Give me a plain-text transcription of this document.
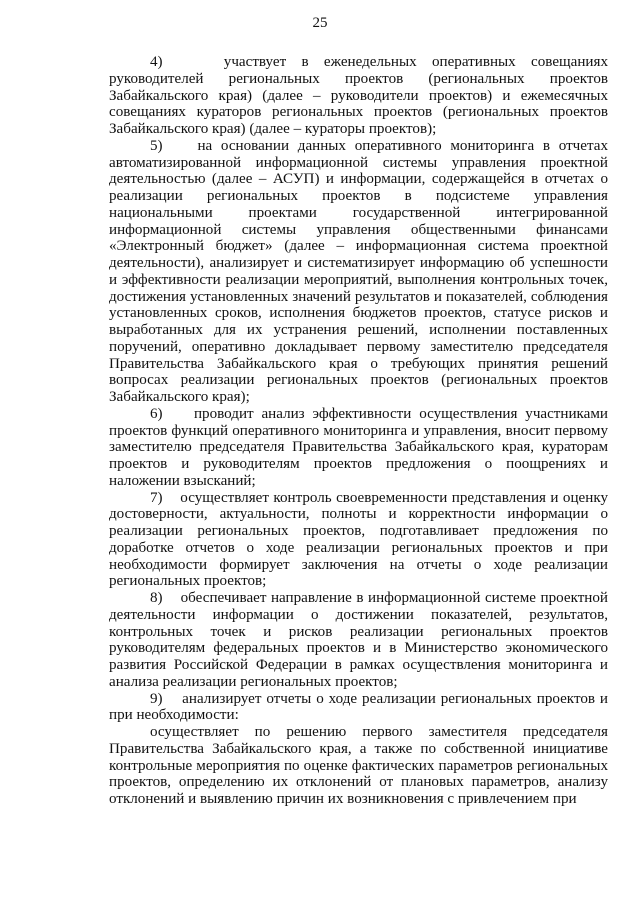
25

4)    участвует в еженедельных оперативных совещаниях руководителей региональных проектов (региональных проектов Забайкальского края) (далее – руководители проектов) и ежемесячных совещаниях кураторов региональных проектов (региональных проектов Забайкальского края) (далее – кураторы проектов);

5)    на основании данных оперативного мониторинга в отчетах автоматизированной информационной системы управления проектной деятельностью (далее – АСУП) и информации, содержащейся в отчетах о реализации региональных проектов в подсистеме управления национальными проектами государственной интегрированной информационной системы управления общественными финансами «Электронный бюджет» (далее – информационная система проектной деятельности), анализирует и систематизирует информацию об успешности и эффективности реализации мероприятий, выполнения контрольных точек, достижения установленных значений результатов и показателей, соблюдения установленных сроков, исполнения бюджетов проектов, статусе рисков и выработанных для их устранения решений, исполнении поставленных поручений, оперативно докладывает первому заместителю председателя Правительства Забайкальского края о требующих принятия решений вопросах реализации региональных проектов (региональных проектов Забайкальского края);

6)    проводит анализ эффективности осуществления участниками проектов функций оперативного мониторинга и управления, вносит первому заместителю председателя Правительства Забайкальского края, кураторам проектов и руководителям проектов предложения о поощрениях и наложении взысканий;

7)    осуществляет контроль своевременности представления и оценку достоверности, актуальности, полноты и корректности информации о реализации региональных проектов, подготавливает предложения по доработке отчетов о ходе реализации региональных проектов и при необходимости формирует заключения на отчеты о ходе реализации региональных проектов;

8)    обеспечивает направление в информационной системе проектной деятельности информации о достижении показателей, результатов, контрольных точек и рисков реализации региональных проектов руководителям федеральных проектов и в Министерство экономического развития Российской Федерации в рамках осуществления мониторинга и анализа реализации региональных проектов;

9)    анализирует отчеты о ходе реализации региональных проектов и при необходимости:

осуществляет по решению первого заместителя председателя Правительства Забайкальского края, а также по собственной инициативе контрольные мероприятия по оценке фактических параметров региональных проектов, определению их отклонений от плановых параметров, анализу отклонений и выявлению причин их возникновения с привлечением при
